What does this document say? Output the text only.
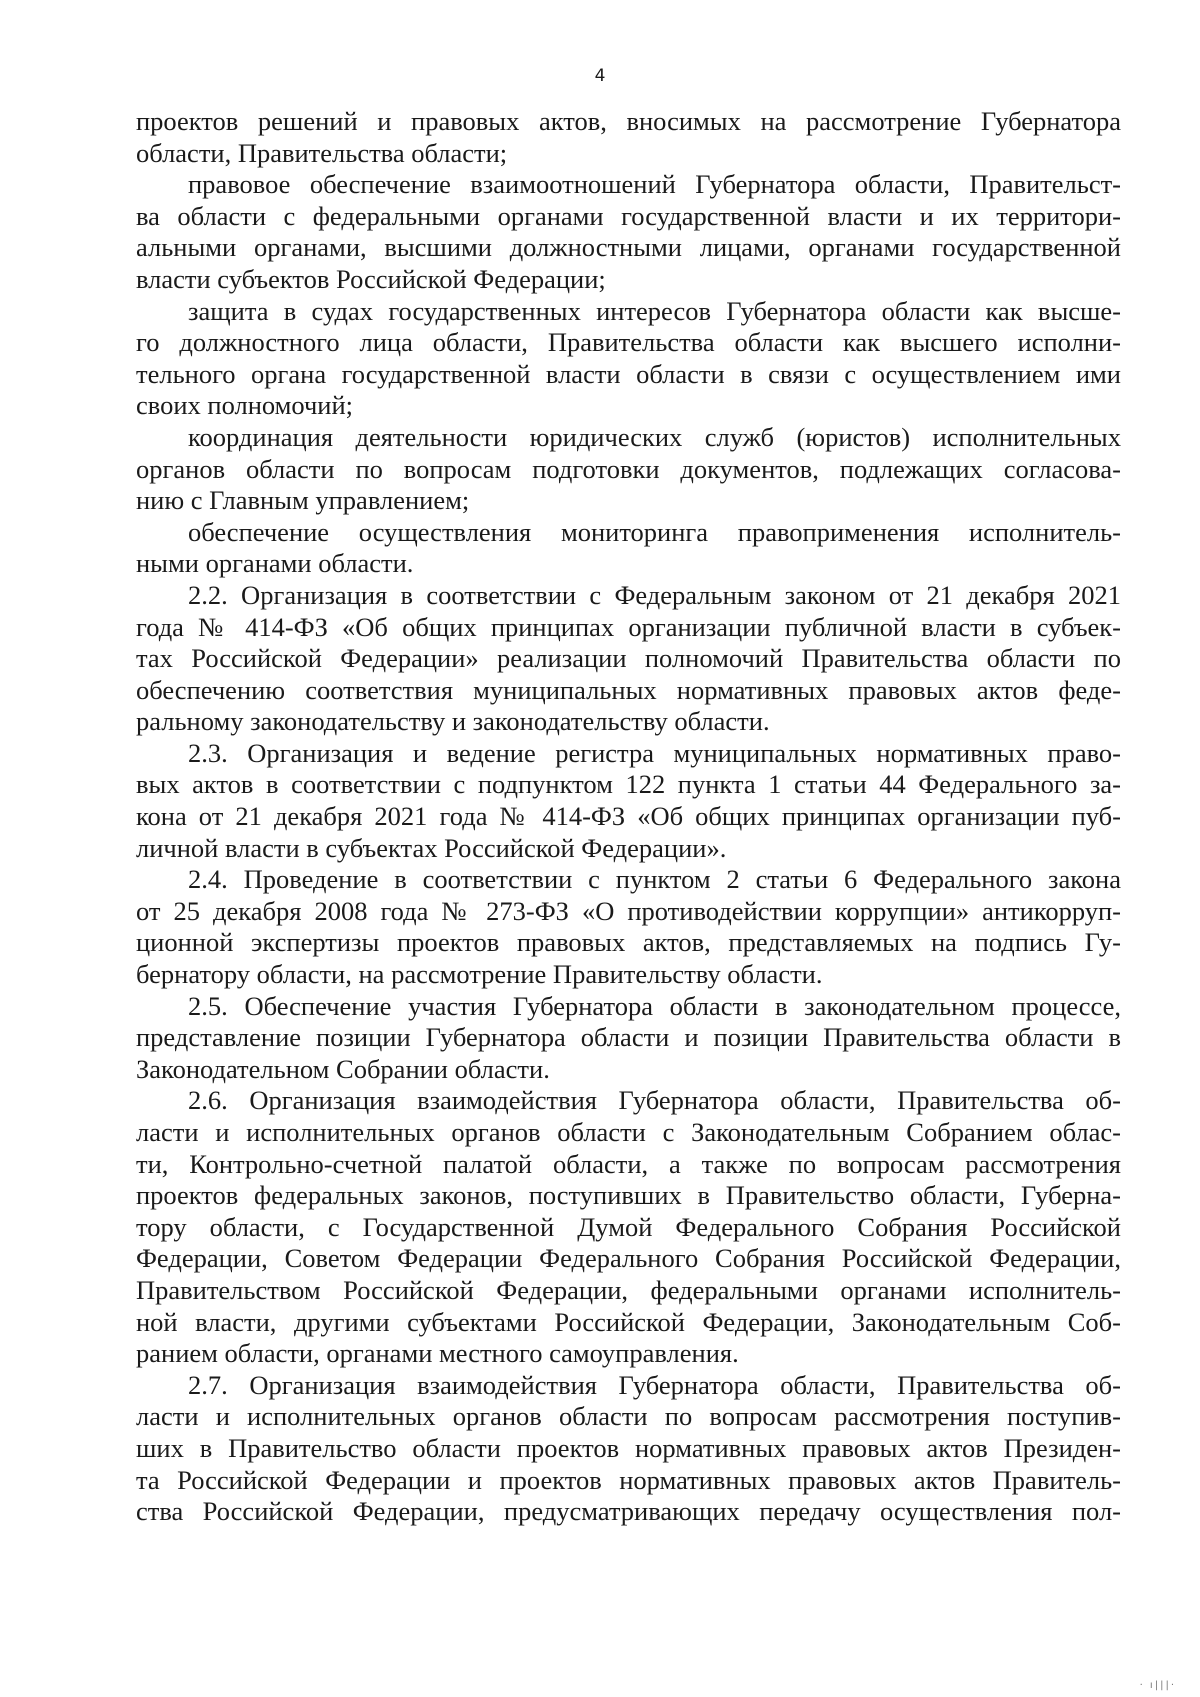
4
проектов решений и правовых актов, вносимых на рассмотрение Губернатора
области, Правительства области;
правовое обеспечение взаимоотношений Губернатора области, Правительст-
ва области с федеральными органами государственной власти и их территори-
альными органами, высшими должностными лицами, органами государственной
власти субъектов Российской Федерации;
защита в судах государственных интересов Губернатора области как высше-
го должностного лица области, Правительства области как высшего исполни-
тельного органа государственной власти области в связи с осуществлением ими
своих полномочий;
координация деятельности юридических служб (юристов) исполнительных
органов области по вопросам подготовки документов, подлежащих согласова-
нию с Главным управлением;
обеспечение осуществления мониторинга правоприменения исполнитель-
ными органами области.
2.2. Организация в соответствии с Федеральным законом от 21 декабря 2021
года № 414-ФЗ «Об общих принципах организации публичной власти в субъек-
тах Российской Федерации» реализации полномочий Правительства области по
обеспечению соответствия муниципальных нормативных правовых актов феде-
ральному законодательству и законодательству области.
2.3. Организация и ведение регистра муниципальных нормативных право-
вых актов в соответствии с подпунктом 122 пункта 1 статьи 44 Федерального за-
кона от 21 декабря 2021 года № 414-ФЗ «Об общих принципах организации пуб-
личной власти в субъектах Российской Федерации».
2.4. Проведение в соответствии с пунктом 2 статьи 6 Федерального закона
от 25 декабря 2008 года № 273-ФЗ «О противодействии коррупции» антикорруп-
ционной экспертизы проектов правовых актов, представляемых на подпись Гу-
бернатору области, на рассмотрение Правительству области.
2.5. Обеспечение участия Губернатора области в законодательном процессе,
представление позиции Губернатора области и позиции Правительства области в
Законодательном Собрании области.
2.6. Организация взаимодействия Губернатора области, Правительства об-
ласти и исполнительных органов области с Законодательным Собранием облас-
ти, Контрольно-счетной палатой области, а также по вопросам рассмотрения
проектов федеральных законов, поступивших в Правительство области, Губерна-
тору области, с Государственной Думой Федерального Собрания Российской
Федерации, Советом Федерации Федерального Собрания Российской Федерации,
Правительством Российской Федерации, федеральными органами исполнитель-
ной власти, другими субъектами Российской Федерации, Законодательным Соб-
ранием области, органами местного самоуправления.
2.7. Организация взаимодействия Губернатора области, Правительства об-
ласти и исполнительных органов области по вопросам рассмотрения поступив-
ших в Правительство области проектов нормативных правовых актов Президен-
та Российской Федерации и проектов нормативных правовых актов Правитель-
ства Российской Федерации, предусматривающих передачу осуществления пол-
· ı|||·
